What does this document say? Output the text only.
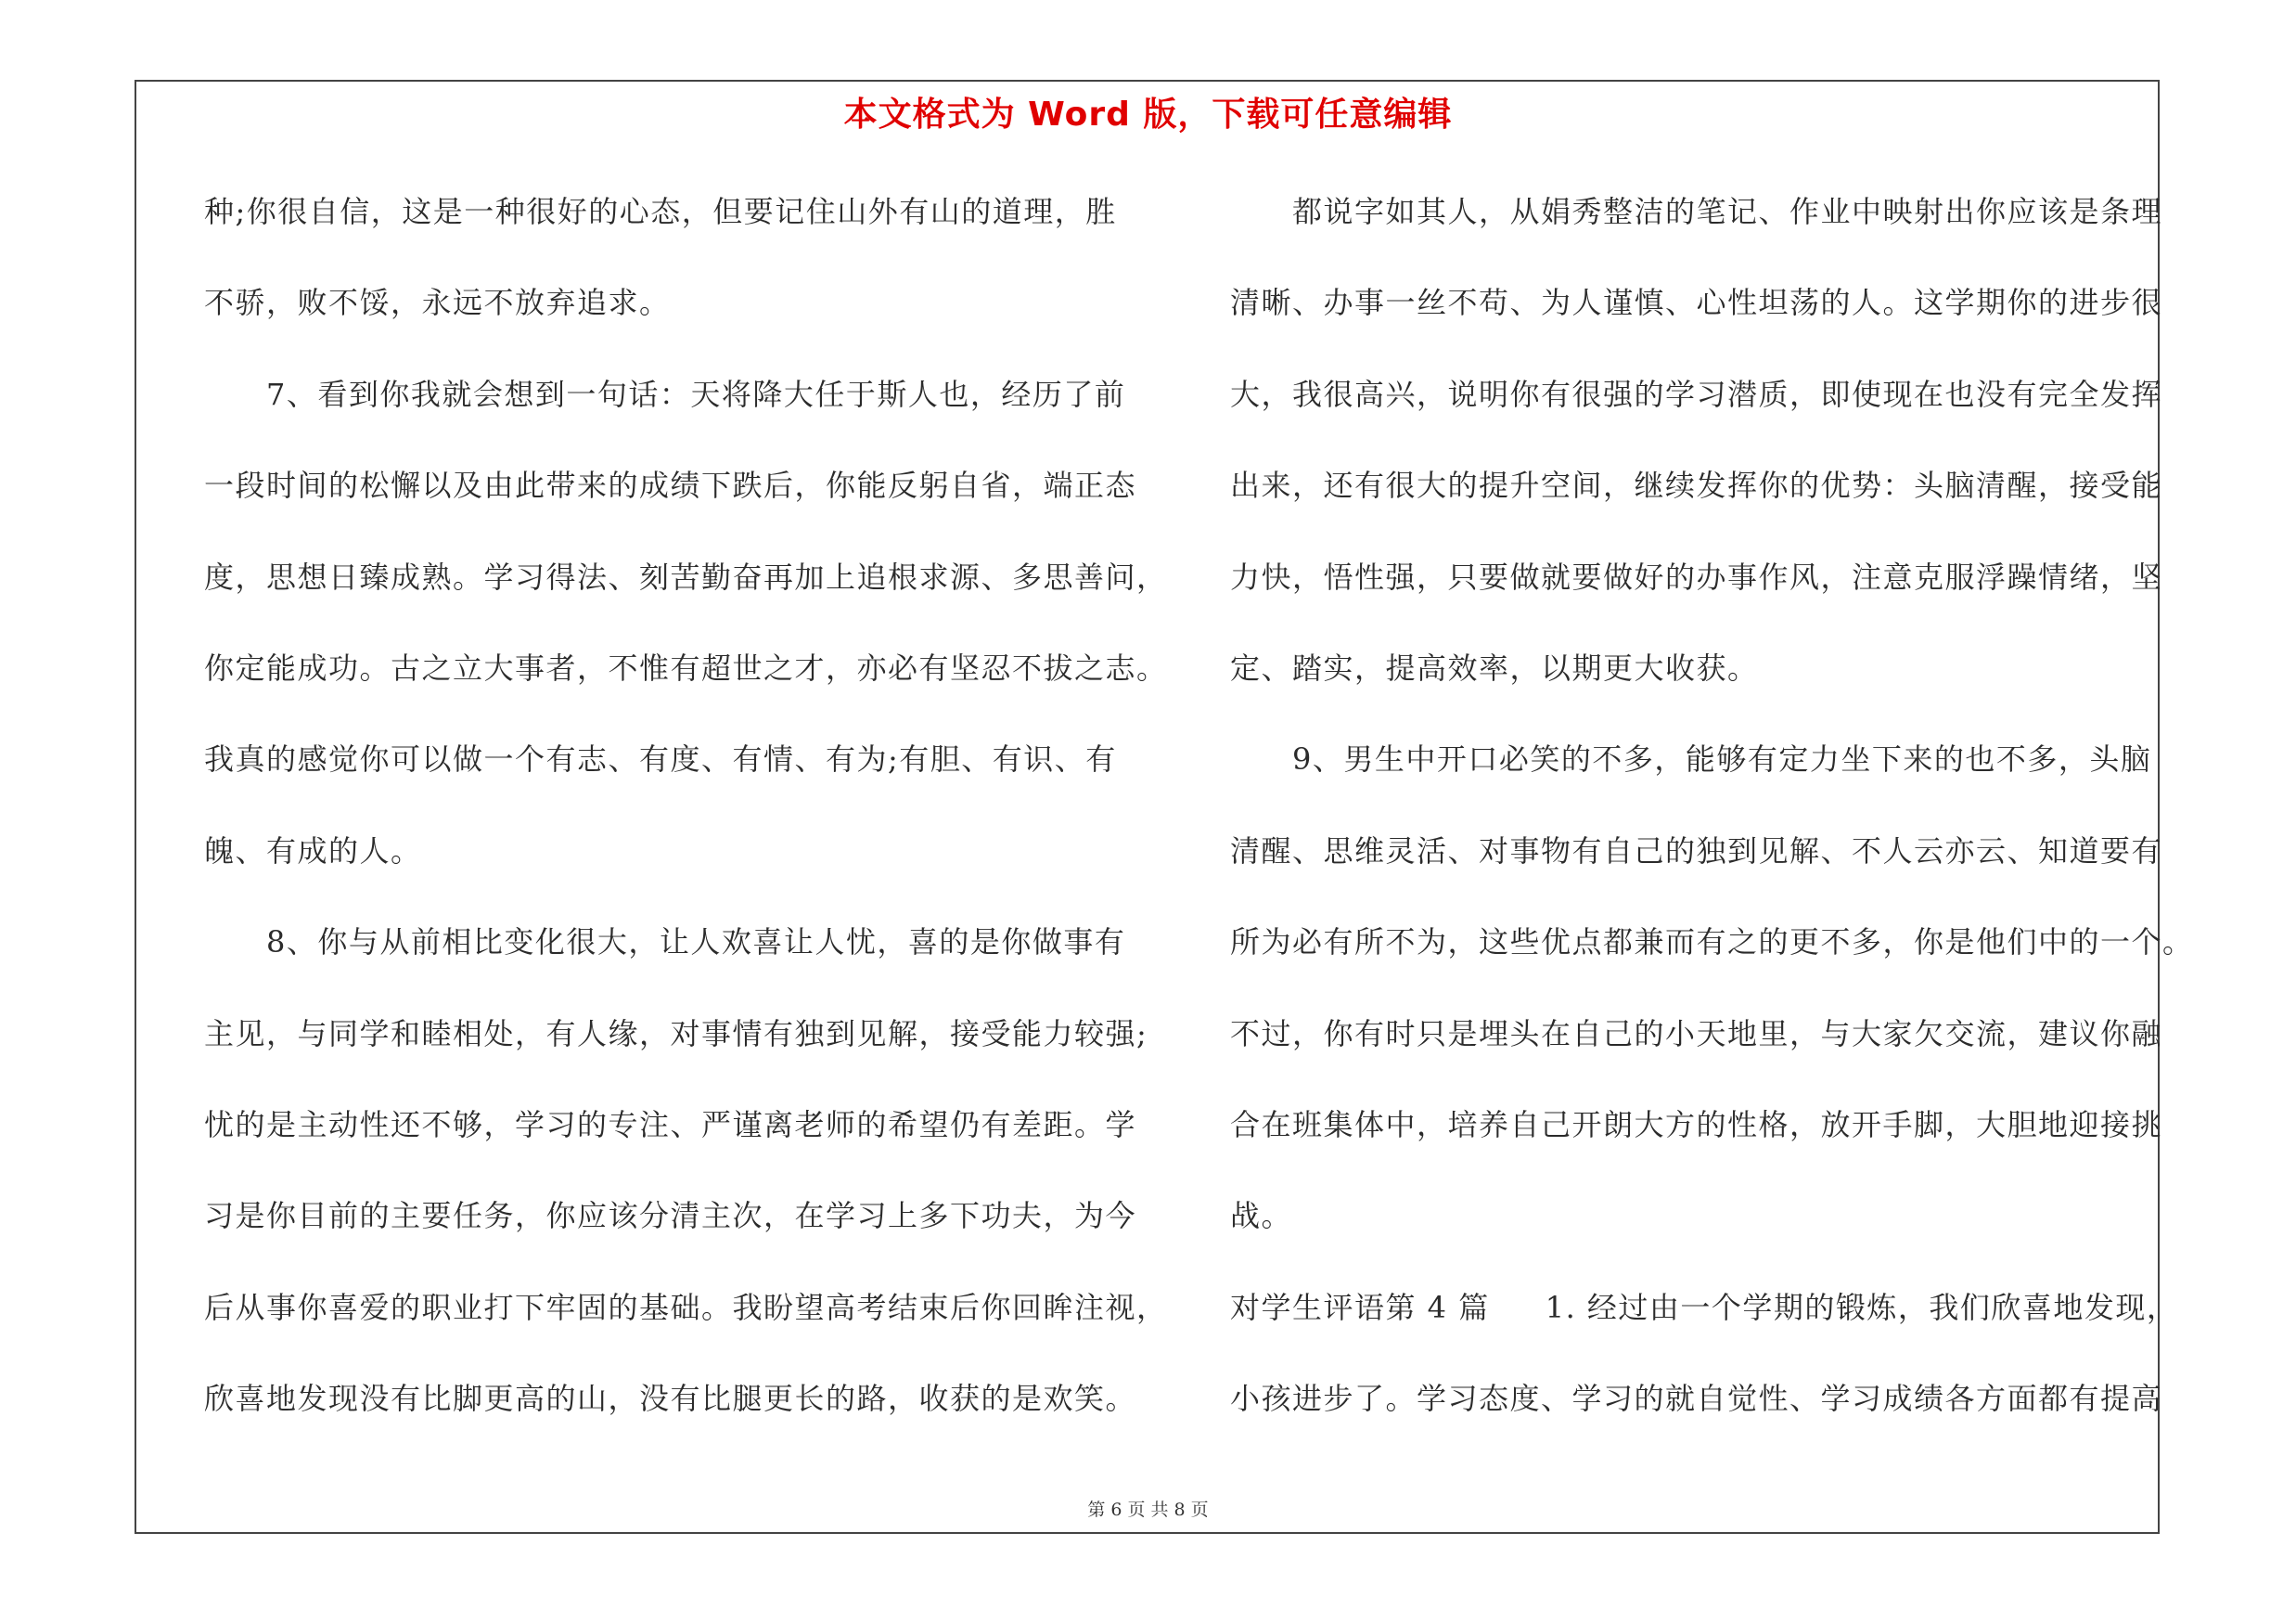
本文格式为 Word 版，下载可任意编辑
种;你很自信，这是一种很好的心态，但要记住山外有山的道理，胜
不骄，败不馁，永远不放弃追求。
　　7、看到你我就会想到一句话：天将降大任于斯人也，经历了前
一段时间的松懈以及由此带来的成绩下跌后，你能反躬自省，端正态
度，思想日臻成熟。学习得法、刻苦勤奋再加上追根求源、多思善问，
你定能成功。古之立大事者，不惟有超世之才，亦必有坚忍不拔之志。
我真的感觉你可以做一个有志、有度、有情、有为;有胆、有识、有
魄、有成的人。
　　8、你与从前相比变化很大，让人欢喜让人忧，喜的是你做事有
主见，与同学和睦相处，有人缘，对事情有独到见解，接受能力较强;
忧的是主动性还不够，学习的专注、严谨离老师的希望仍有差距。学
习是你目前的主要任务，你应该分清主次，在学习上多下功夫，为今
后从事你喜爱的职业打下牢固的基础。我盼望高考结束后你回眸注视，
欣喜地发现没有比脚更高的山，没有比腿更长的路，收获的是欢笑。
　　都说字如其人，从娟秀整洁的笔记、作业中映射出你应该是条理
清晰、办事一丝不苟、为人谨慎、心性坦荡的人。这学期你的进步很
大，我很高兴，说明你有很强的学习潜质，即使现在也没有完全发挥
出来，还有很大的提升空间，继续发挥你的优势：头脑清醒，接受能
力快，悟性强，只要做就要做好的办事作风，注意克服浮躁情绪，坚
定、踏实，提高效率，以期更大收获。
　　9、男生中开口必笑的不多，能够有定力坐下来的也不多，头脑
清醒、思维灵活、对事物有自己的独到见解、不人云亦云、知道要有
所为必有所不为，这些优点都兼而有之的更不多，你是他们中的一个。
不过，你有时只是埋头在自己的小天地里，与大家欠交流，建议你融
合在班集体中，培养自己开朗大方的性格，放开手脚，大胆地迎接挑
战。
对学生评语第 4 篇 1. 经过由一个学期的锻炼，我们欣喜地发现，
小孩进步了。学习态度、学习的就自觉性、学习成绩各方面都有提高
第 6 页 共 8 页
